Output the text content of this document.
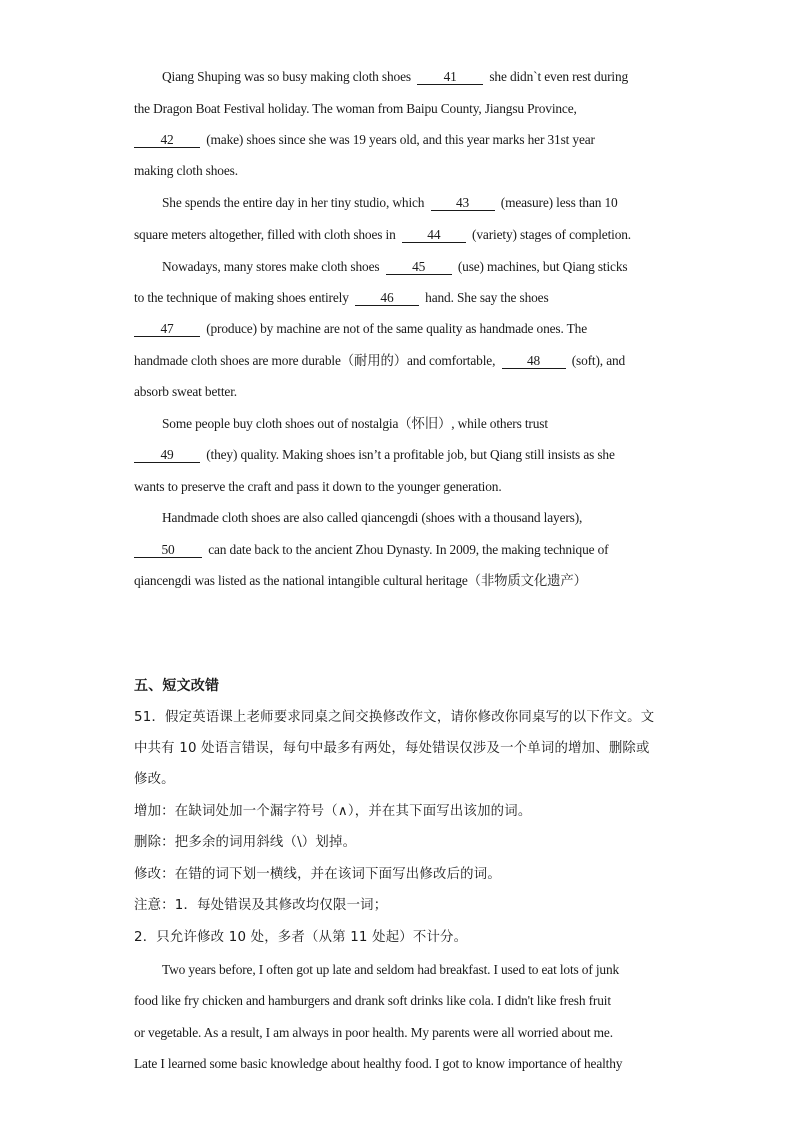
Qiang Shuping was so busy making cloth shoes 41 she didn`t even rest during
the Dragon Boat Festival holiday. The woman from Baipu County, Jiangsu Province,
42 (make) shoes since she was 19 years old, and this year marks her 31st year
making cloth shoes.
She spends the entire day in her tiny studio, which 43 (measure) less than 10
square meters altogether, filled with cloth shoes in 44 (variety) stages of completion.
Nowadays, many stores make cloth shoes 45 (use) machines, but Qiang sticks
to the technique of making shoes entirely 46 hand. She say the shoes
47 (produce) by machine are not of the same quality as handmade ones. The
handmade cloth shoes are more durable（耐用的）and comfortable, 48 (soft), and
absorb sweat better.
Some people buy cloth shoes out of nostalgia（怀旧）, while others trust
49 (they) quality. Making shoes isn’t a profitable job, but Qiang still insists as she
wants to preserve the craft and pass it down to the younger generation.
Handmade cloth shoes are also called qiancengdi (shoes with a thousand layers),
50	can date back to the ancient Zhou Dynasty. In 2009, the making technique of
qiancengdi was listed as the national intangible cultural heritage（非物质文化遗产）
五、短文改错
51．假定英语课上老师要求同桌之间交换修改作文，请你修改你同桌写的以下作文。文
中共有 10 处语言错误，每句中最多有两处，每处错误仅涉及一个单词的增加、删除或
修改。
增加：在缺词处加一个漏字符号（∧），并在其下面写出该加的词。
删除：把多余的词用斜线（\）划掉。
修改：在错的词下划一横线，并在该词下面写出修改后的词。
注意：1．每处错误及其修改均仅限一词；
2．只允许修改 10 处，多者（从第 11 处起）不计分。
Two years before, I often got up late and seldom had breakfast. I used to eat lots of junk
food like fry chicken and hamburgers and drank soft drinks like cola. I didn't like fresh fruit
or vegetable. As a result, I am always in poor health. My parents were all worried about me.
Late I learned some basic knowledge about healthy food. I got to know importance of healthy
